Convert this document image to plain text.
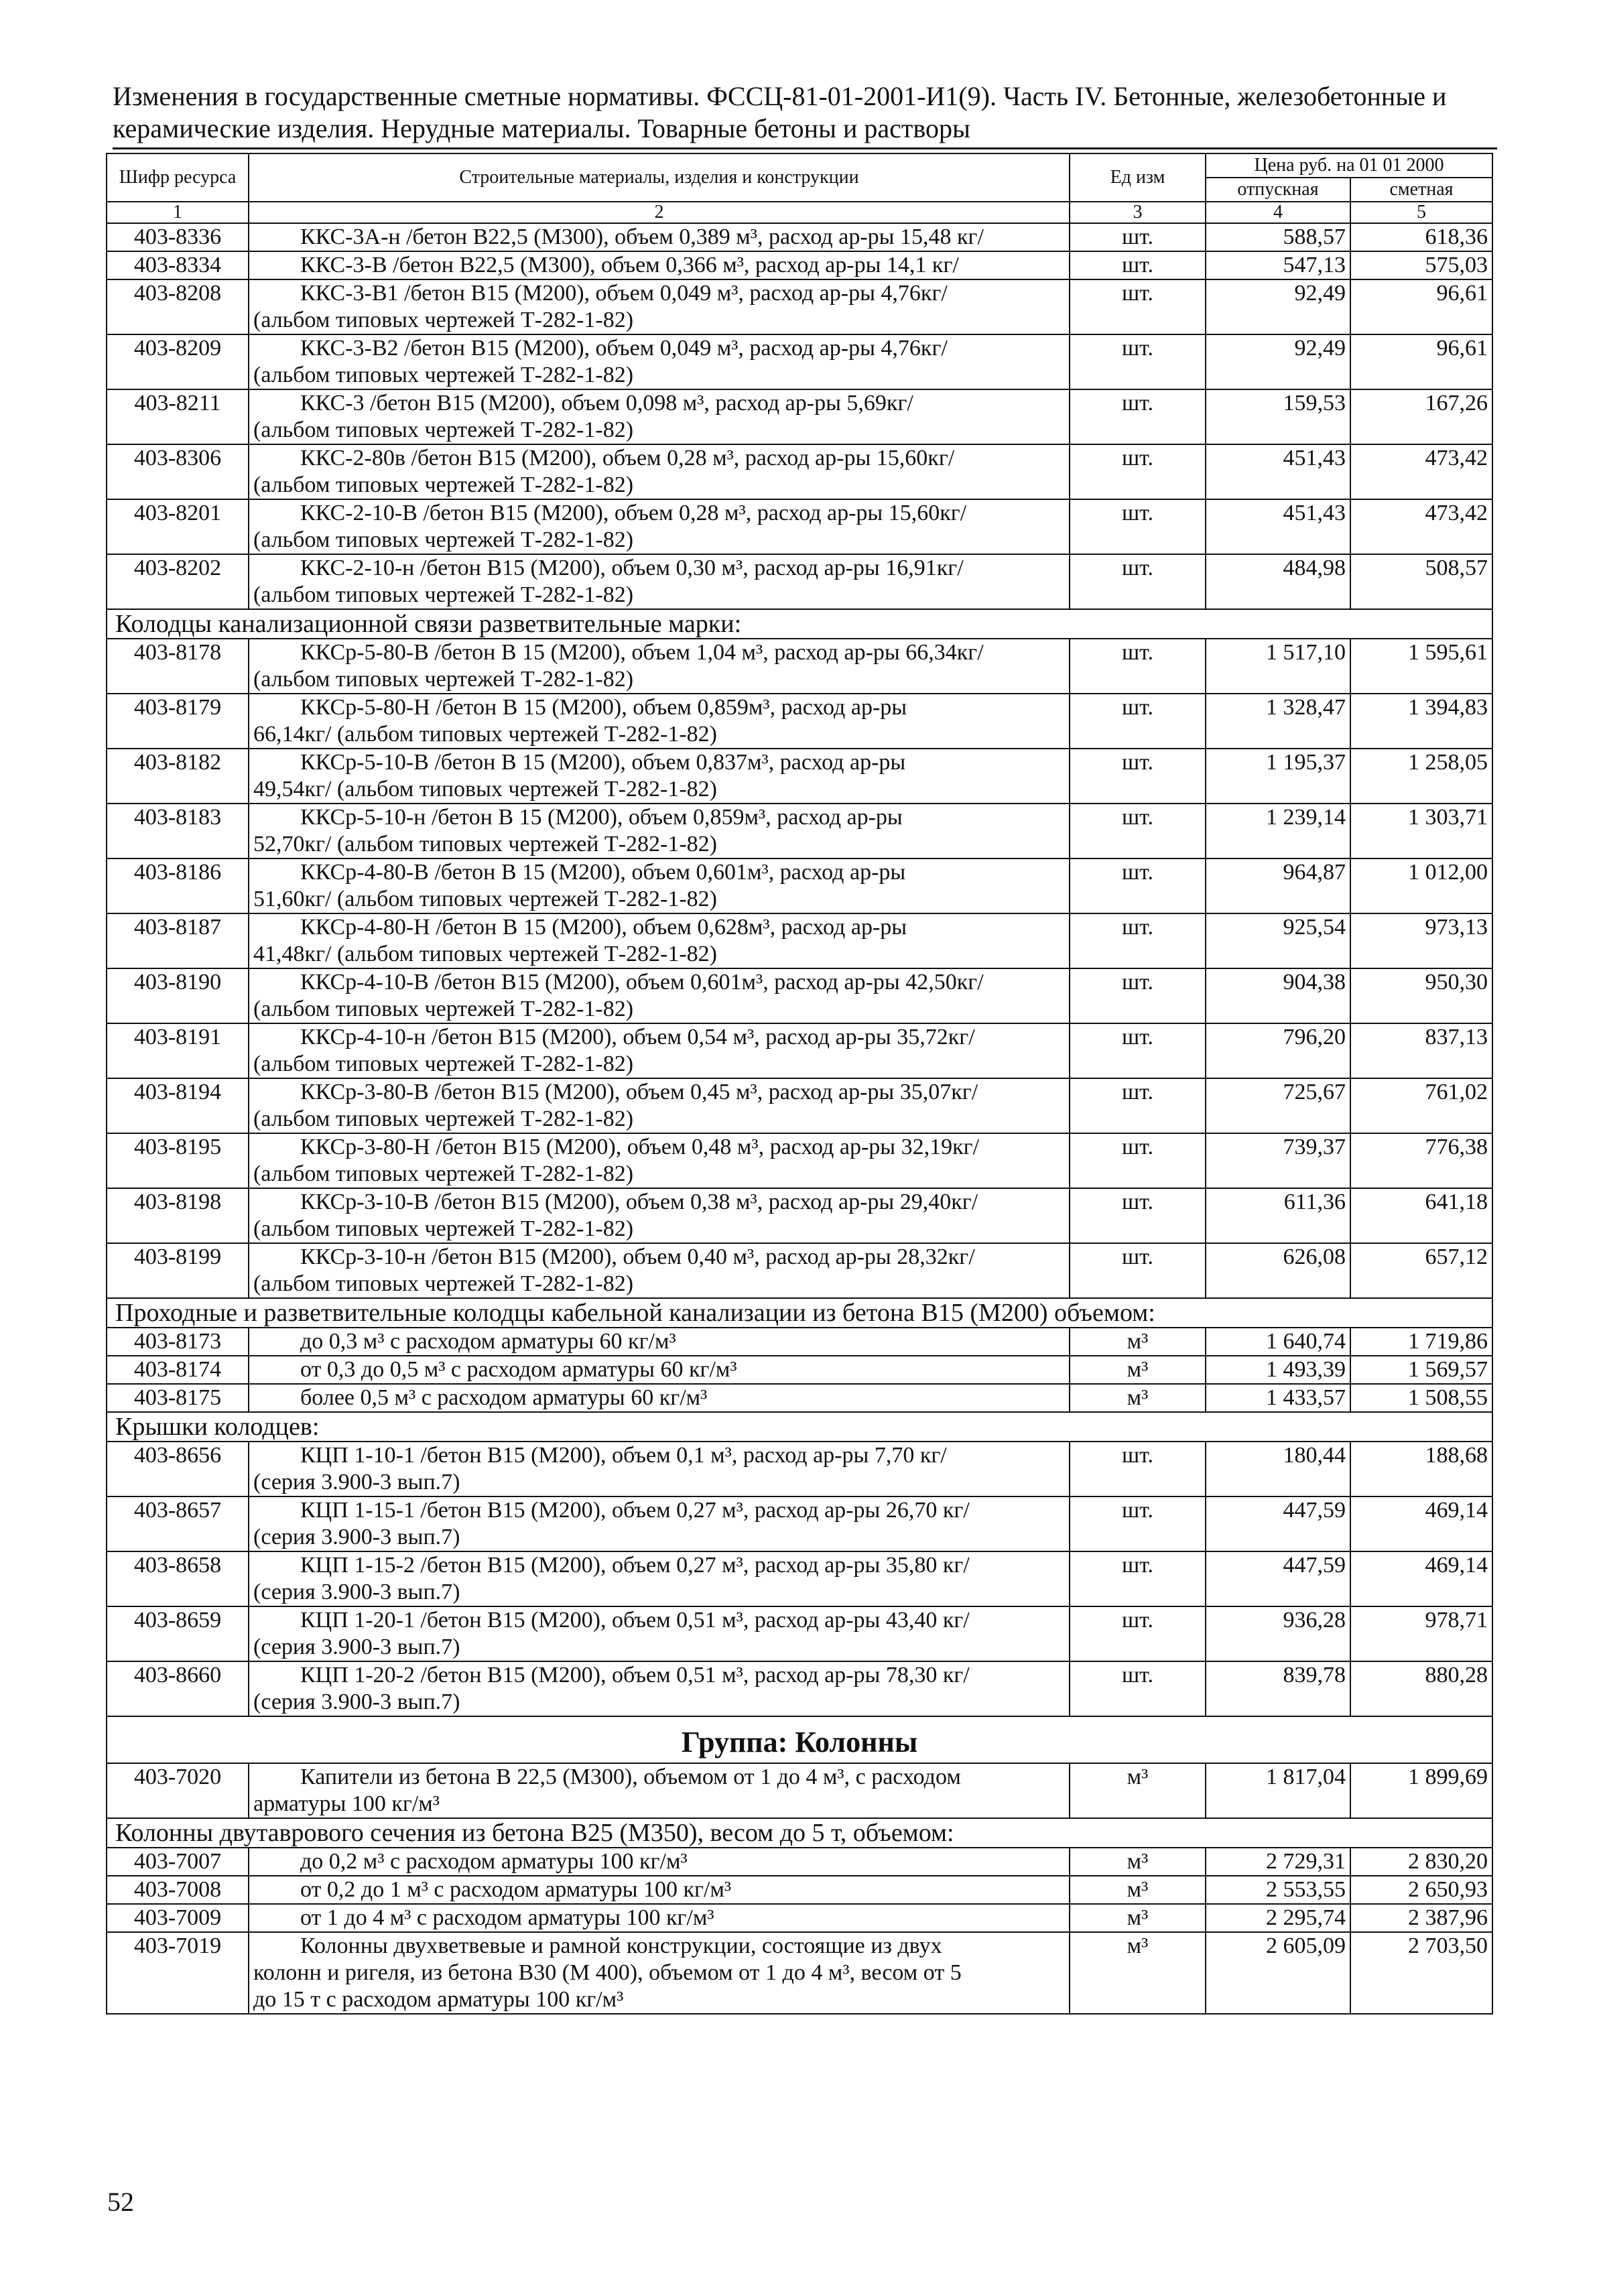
Изменения в государственные сметные нормативы. ФССЦ-81-01-2001-И1(9). Часть IV. Бетонные, железобетонные и керамические изделия. Нерудные материалы. Товарные бетоны и растворы
Шифр ресурса	Строительные материалы, изделия и конструкции	Ед изм	Цена руб. на 01 01 2000	
			отпускная	сметная
1	2	3	4	5
403-8336	ККС-3А-н /бетон В22,5 (М300), объем 0,389 м³, расход ар-ры 15,48 кг/	шт.	588,57	618,36
403-8334	ККС-3-В /бетон В22,5 (М300), объем 0,366 м³, расход ар-ры 14,1 кг/	шт.	547,13	575,03
403-8208	ККС-3-В1 /бетон В15 (М200), объем 0,049 м³, расход ар-ры 4,76кг/
(альбом типовых чертежей Т-282-1-82)	шт.	92,49	96,61
403-8209	ККС-3-В2 /бетон В15 (М200), объем 0,049 м³, расход ар-ры 4,76кг/
(альбом типовых чертежей Т-282-1-82)	шт.	92,49	96,61
403-8211	ККС-3 /бетон В15 (М200), объем 0,098 м³, расход ар-ры 5,69кг/
(альбом типовых чертежей Т-282-1-82)	шт.	159,53	167,26
403-8306	ККС-2-80в /бетон В15 (М200), объем 0,28 м³, расход ар-ры 15,60кг/
(альбом типовых чертежей Т-282-1-82)	шт.	451,43	473,42
403-8201	ККС-2-10-В /бетон В15 (М200), объем 0,28 м³, расход ар-ры 15,60кг/
(альбом типовых чертежей Т-282-1-82)	шт.	451,43	473,42
403-8202	ККС-2-10-н /бетон В15 (М200), объем 0,30 м³, расход ар-ры 16,91кг/
(альбом типовых чертежей Т-282-1-82)	шт.	484,98	508,57
Колодцы канализационной связи разветвительные марки:				
403-8178	ККСр-5-80-В /бетон В 15 (М200), объем 1,04 м³, расход ар-ры 66,34кг/
(альбом типовых чертежей Т-282-1-82)	шт.	1 517,10	1 595,61
403-8179	ККСр-5-80-Н /бетон В 15 (М200), объем 0,859м³, расход ар-ры
66,14кг/ (альбом типовых чертежей Т-282-1-82)	шт.	1 328,47	1 394,83
403-8182	ККСр-5-10-В /бетон В 15 (М200), объем 0,837м³, расход ар-ры
49,54кг/ (альбом типовых чертежей Т-282-1-82)	шт.	1 195,37	1 258,05
403-8183	ККСр-5-10-н /бетон В 15 (М200), объем 0,859м³, расход ар-ры
52,70кг/ (альбом типовых чертежей Т-282-1-82)	шт.	1 239,14	1 303,71
403-8186	ККСр-4-80-В /бетон В 15 (М200), объем 0,601м³, расход ар-ры
51,60кг/ (альбом типовых чертежей Т-282-1-82)	шт.	964,87	1 012,00
403-8187	ККСр-4-80-Н /бетон В 15 (М200), объем 0,628м³, расход ар-ры
41,48кг/ (альбом типовых чертежей Т-282-1-82)	шт.	925,54	973,13
403-8190	ККСр-4-10-В /бетон В15 (М200), объем 0,601м³, расход ар-ры 42,50кг/
(альбом типовых чертежей Т-282-1-82)	шт.	904,38	950,30
403-8191	ККСр-4-10-н /бетон В15 (М200), объем 0,54 м³, расход ар-ры 35,72кг/
(альбом типовых чертежей Т-282-1-82)	шт.	796,20	837,13
403-8194	ККСр-3-80-В /бетон В15 (М200), объем 0,45 м³, расход ар-ры 35,07кг/
(альбом типовых чертежей Т-282-1-82)	шт.	725,67	761,02
403-8195	ККСр-3-80-Н /бетон В15 (М200), объем 0,48 м³, расход ар-ры 32,19кг/
(альбом типовых чертежей Т-282-1-82)	шт.	739,37	776,38
403-8198	ККСр-3-10-В /бетон В15 (М200), объем 0,38 м³, расход ар-ры 29,40кг/
(альбом типовых чертежей Т-282-1-82)	шт.	611,36	641,18
403-8199	ККСр-3-10-н /бетон В15 (М200), объем 0,40 м³, расход ар-ры 28,32кг/
(альбом типовых чертежей Т-282-1-82)	шт.	626,08	657,12
Проходные и разветвительные колодцы кабельной канализации из бетона В15 (М200) объемом:				
403-8173	до 0,3 м³ с расходом арматуры 60 кг/м³	м³	1 640,74	1 719,86
403-8174	от 0,3 до 0,5 м³ с расходом арматуры 60 кг/м³	м³	1 493,39	1 569,57
403-8175	более 0,5 м³ с расходом арматуры 60 кг/м³	м³	1 433,57	1 508,55
Крышки колодцев:				
403-8656	КЦП 1-10-1 /бетон В15 (М200), объем 0,1 м³, расход ар-ры 7,70 кг/
(серия 3.900-3 вып.7)	шт.	180,44	188,68
403-8657	КЦП 1-15-1 /бетон В15 (М200), объем 0,27 м³, расход ар-ры 26,70 кг/
(серия 3.900-3 вып.7)	шт.	447,59	469,14
403-8658	КЦП 1-15-2 /бетон В15 (М200), объем 0,27 м³, расход ар-ры 35,80 кг/
(серия 3.900-3 вып.7)	шт.	447,59	469,14
403-8659	КЦП 1-20-1 /бетон В15 (М200), объем 0,51 м³, расход ар-ры 43,40 кг/
(серия 3.900-3 вып.7)	шт.	936,28	978,71
403-8660	КЦП 1-20-2 /бетон В15 (М200), объем 0,51 м³, расход ар-ры 78,30 кг/
(серия 3.900-3 вып.7)	шт.	839,78	880,28
Группа: Колонны				
403-7020	Капители из бетона В 22,5 (М300), объемом от 1 до 4 м³, с расходом
арматуры 100 кг/м³	м³	1 817,04	1 899,69
Колонны двутаврового сечения из бетона В25 (М350), весом до 5 т, объемом:				
403-7007	до 0,2 м³ с расходом арматуры 100 кг/м³	м³	2 729,31	2 830,20
403-7008	от 0,2 до 1 м³ с расходом арматуры 100 кг/м³	м³	2 553,55	2 650,93
403-7009	от 1 до 4 м³ с расходом арматуры 100 кг/м³	м³	2 295,74	2 387,96
403-7019	Колонны двухветвевые и рамной конструкции, состоящие из двух
колонн и ригеля, из бетона В30 (М 400), объемом от 1 до 4 м³, весом от 5
до 15 т с расходом арматуры 100 кг/м³	м³	2 605,09	2 703,50
52
